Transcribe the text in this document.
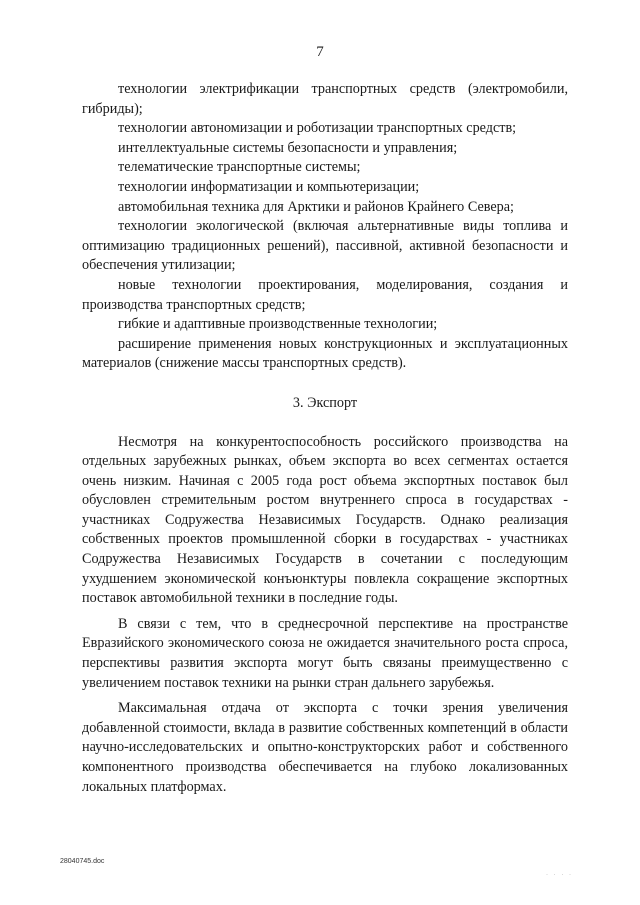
7

технологии электрификации транспортных средств (электромобили, гибриды);

технологии автономизации и роботизации транспортных средств;

интеллектуальные системы безопасности и управления;

телематические транспортные системы;

технологии информатизации и компьютеризации;

автомобильная техника для Арктики и районов Крайнего Севера;

технологии экологической (включая альтернативные виды топлива и оптимизацию традиционных решений), пассивной, активной безопасности и обеспечения утилизации;

новые технологии проектирования, моделирования, создания и производства транспортных средств;

гибкие и адаптивные производственные технологии;

расширение применения новых конструкционных и эксплуатационных материалов (снижение массы транспортных средств).

3. Экспорт

Несмотря на конкурентоспособность российского производства на отдельных зарубежных рынках, объем экспорта во всех сегментах остается очень низким. Начиная с 2005 года рост объема экспортных поставок был обусловлен стремительным ростом внутреннего спроса в государствах - участниках Содружества Независимых Государств. Однако реализация собственных проектов промышленной сборки в государствах - участниках Содружества Независимых Государств в сочетании с последующим ухудшением экономической конъюнктуры повлекла сокращение экспортных поставок автомобильной техники в последние годы.

В связи с тем, что в среднесрочной перспективе на пространстве Евразийского экономического союза не ожидается значительного роста спроса, перспективы развития экспорта могут быть связаны преимущественно с увеличением поставок техники на рынки стран дальнего зарубежья.

Максимальная отдача от экспорта с точки зрения увеличения добавленной стоимости, вклада в развитие собственных компетенций в области научно-исследовательских и опытно-конструкторских работ и собственного компонентного производства обеспечивается на глубоко локализованных локальных платформах.

28040745.doc
· · · ·
